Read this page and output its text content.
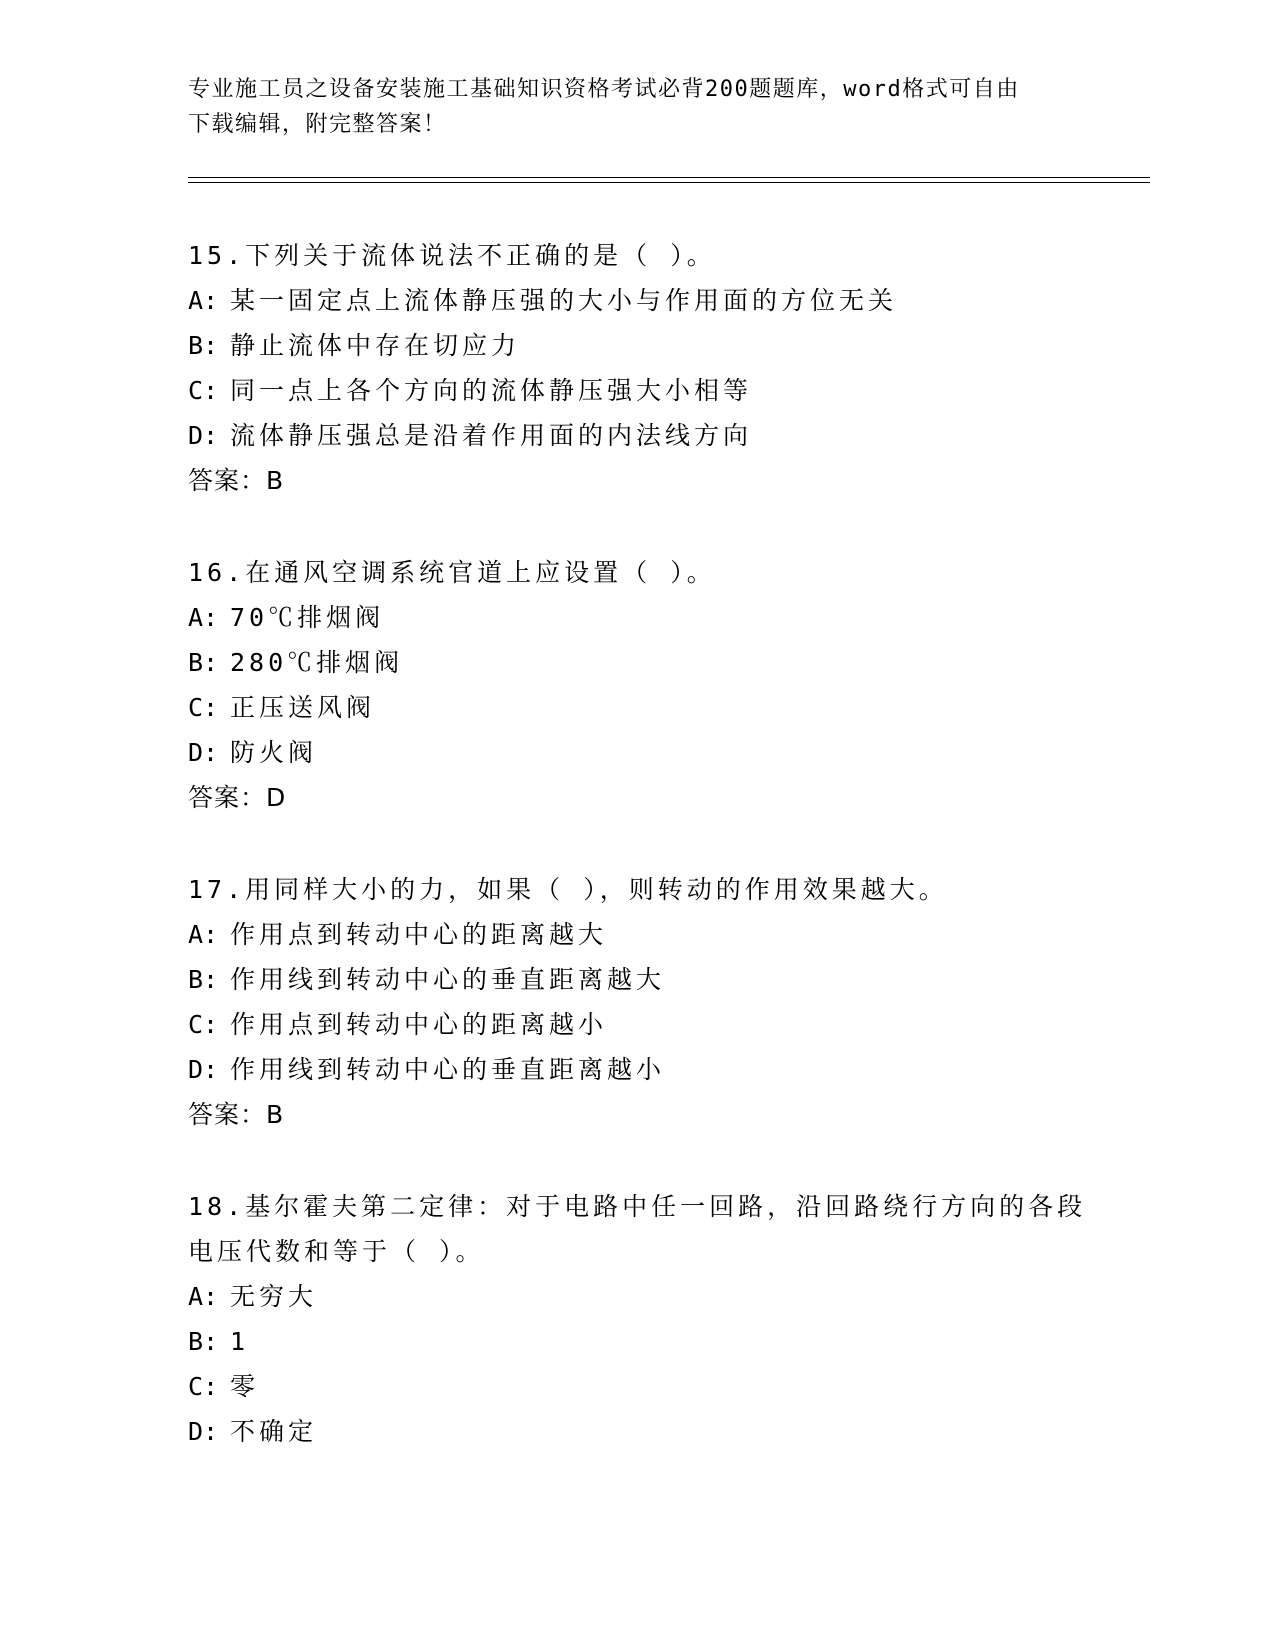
专业施工员之设备安装施工基础知识资格考试必背200题题库，word格式可自由
下载编辑，附完整答案！
15.下列关于流体说法不正确的是（ ）。
A: 某一固定点上流体静压强的大小与作用面的方位无关
B: 静止流体中存在切应力
C: 同一点上各个方向的流体静压强大小相等
D: 流体静压强总是沿着作用面的内法线方向
答案：B
16.在通风空调系统官道上应设置（ ）。
A: 70℃排烟阀
B: 280℃排烟阀
C: 正压送风阀
D: 防火阀
答案：D
17.用同样大小的力，如果（ ），则转动的作用效果越大。
A: 作用点到转动中心的距离越大
B: 作用线到转动中心的垂直距离越大
C: 作用点到转动中心的距离越小
D: 作用线到转动中心的垂直距离越小
答案：B
18.基尔霍夫第二定律：对于电路中任一回路，沿回路绕行方向的各段
电压代数和等于（ ）。
A: 无穷大
B: 1
C: 零
D: 不确定
